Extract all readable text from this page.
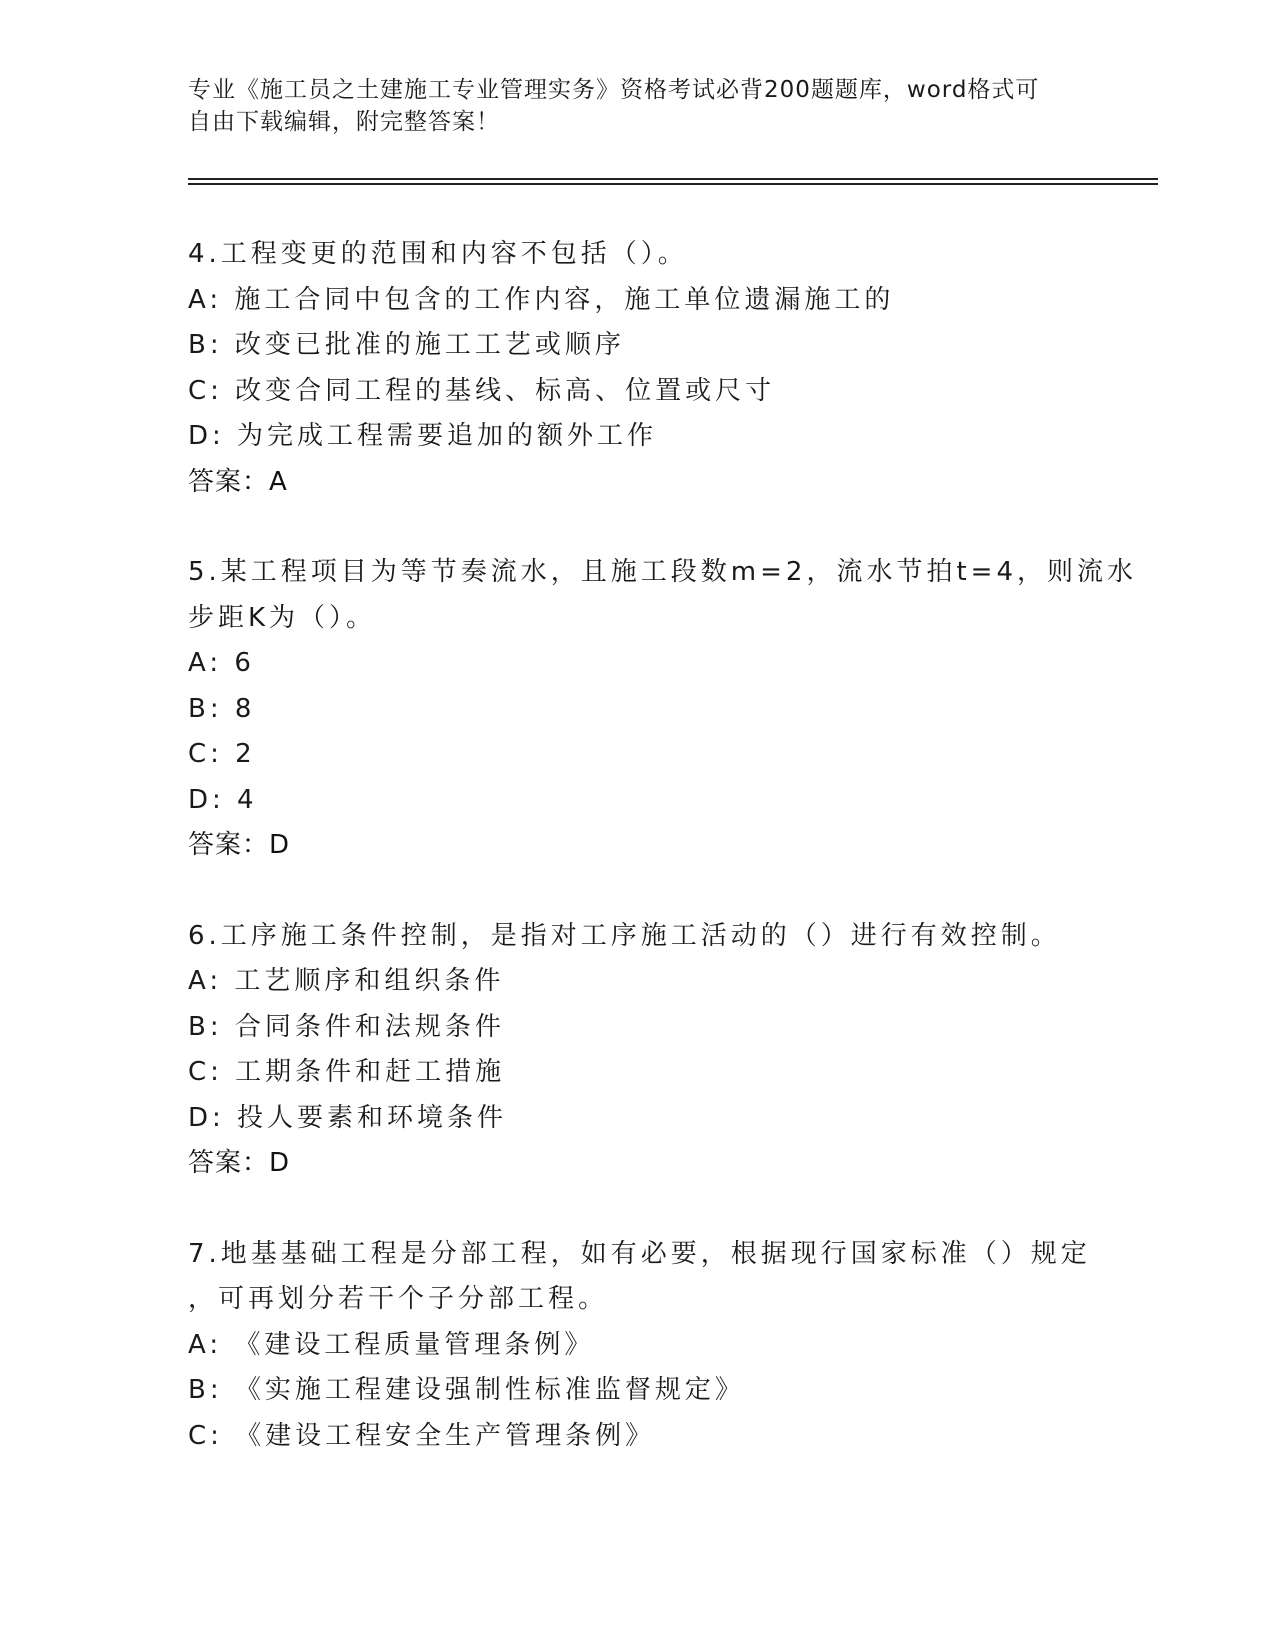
专业《施工员之土建施工专业管理实务》资格考试必背200题题库，word格式可
自由下载编辑，附完整答案！
4.工程变更的范围和内容不包括（）。
A: 施工合同中包含的工作内容，施工单位遗漏施工的
B: 改变已批准的施工工艺或顺序
C: 改变合同工程的基线、标高、位置或尺寸
D: 为完成工程需要追加的额外工作
答案：A
5.某工程项目为等节奏流水，且施工段数m=2，流水节拍t=4，则流水
步距K为（）。
A: 6
B: 8
C: 2
D: 4
答案：D
6.工序施工条件控制，是指对工序施工活动的（）进行有效控制。
A: 工艺顺序和组织条件
B: 合同条件和法规条件
C: 工期条件和赶工措施
D: 投人要素和环境条件
答案：D
7.地基基础工程是分部工程，如有必要，根据现行国家标准（）规定
，可再划分若干个子分部工程。
A: 《建设工程质量管理条例》
B: 《实施工程建设强制性标准监督规定》
C: 《建设工程安全生产管理条例》
